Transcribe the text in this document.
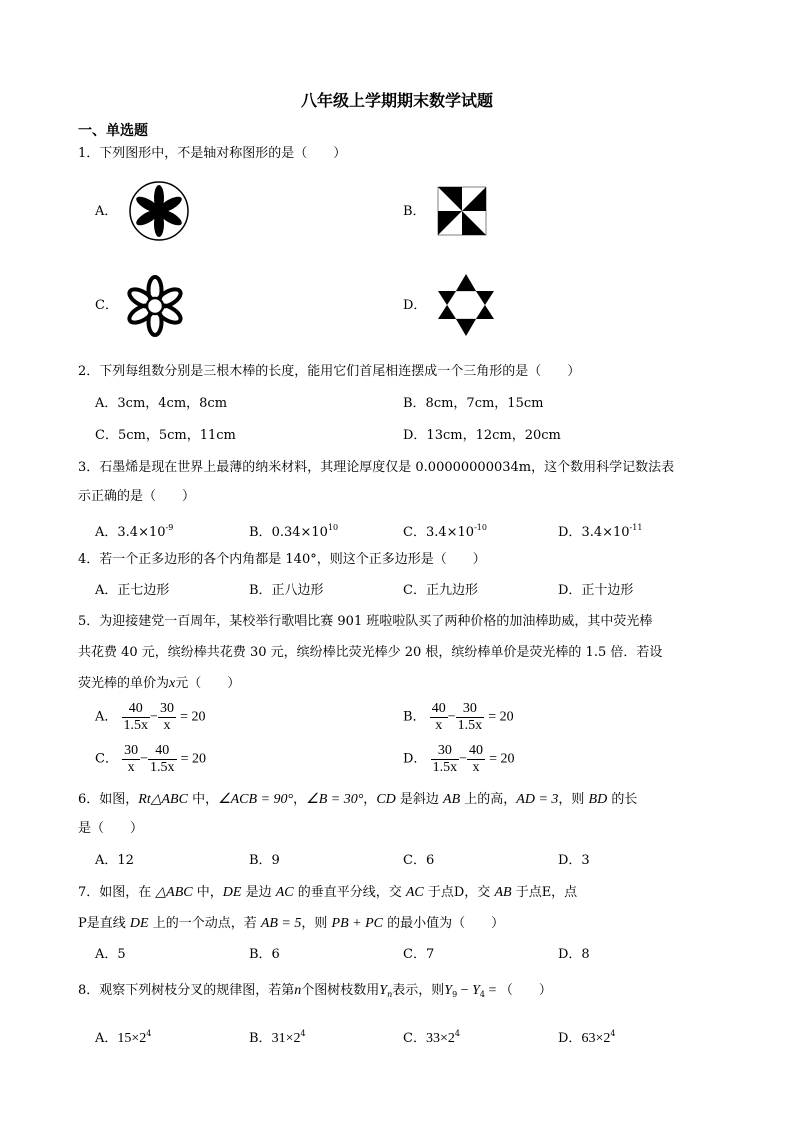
八年级上学期期末数学试题
一、单选题
1．下列图形中，不是轴对称图形的是（　　）
A．	B．
C．	D．
2．下列每组数分别是三根木棒的长度，能用它们首尾相连摆成一个三角形的是（　　）
A．3cm，4cm，8cm	B．8cm，7cm，15cm
C．5cm，5cm，11cm	D．13cm，12cm，20cm
3．石墨烯是现在世界上最薄的纳米材料，其理论厚度仅是 0.00000000034m，这个数用科学记数法表
示正确的是（　　）
A．$3.4\times 10^{-9}$	B．$0.34\times 10^{10}$	C．$3.4\times 10^{-10}$	D．$3.4\times 10^{-11}$
4．若一个正多边形的各个内角都是 140°，则这个正多边形是（　　）
A．正七边形	B．正八边形	C．正九边形	D．正十边形
5．为迎接建党一百周年，某校举行歌唱比赛 901 班啦啦队买了两种价格的加油棒助威，其中荧光棒
共花费 40 元，缤纷棒共花费 30 元，缤纷棒比荧光棒少 20 根，缤纷棒单价是荧光棒的 1.5 倍．若设
荧光棒的单价为x元（　　）
A． $\frac{40}{1.5x} - \frac{30}{x} = 20$	B． $\frac{40}{x} - \frac{30}{1.5x} = 20$
C． $\frac{30}{x} - \frac{40}{1.5x} = 20$	D． $\frac{30}{1.5x} - \frac{40}{x} = 20$
6．如图，Rt△ABC 中，∠ACB = 90°，∠B = 30°，CD 是斜边 AB 上的高，AD = 3，则 BD 的长
是（　　）
A．12	B．9	C．6	D．3
7．如图，在 △ABC 中，DE 是边 AC 的垂直平分线，交 AC 于点D，交 AB 于点E，点
P是直线 DE 上的一个动点，若 AB = 5，则 PB + PC 的最小值为（　　）
A．5	B．6	C．7	D．8
8．观察下列树枝分叉的规律图，若第n个图树枝数用$Y_n$表示，则$Y_9 - Y_4$ = （　　）
A．$15\times 2^4$	B．$31\times 2^4$	C．$33\times 2^4$	D．$63\times 2^4$
